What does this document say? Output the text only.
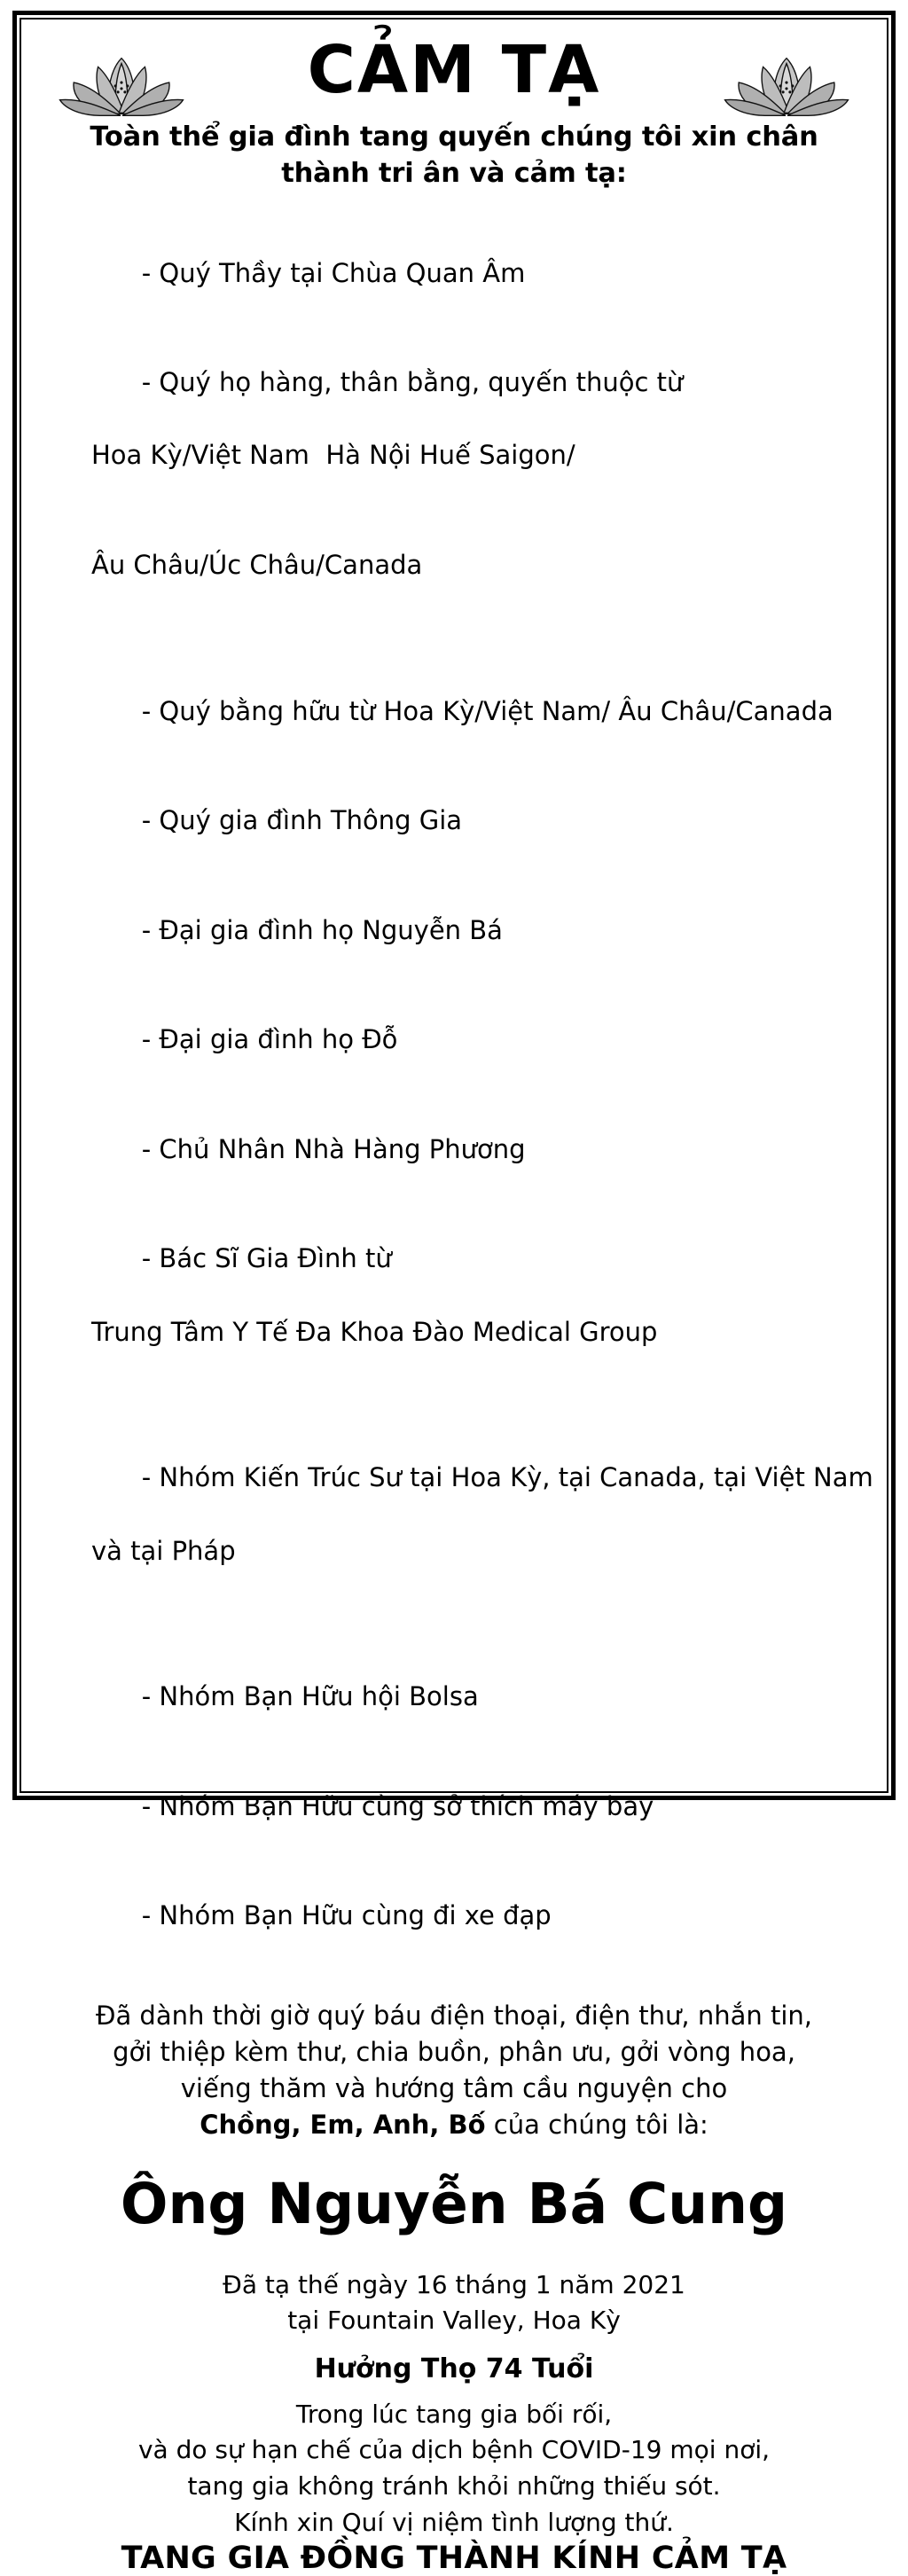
CẢM TẠ
Toàn thể gia đình tang quyến chúng tôi xin chân
thành tri ân và cảm tạ:

- Quý Thầy tại Chùa Quan Âm

- Quý họ hàng, thân bằng, quyến thuộc từ

Hoa Kỳ/Việt Nam  Hà Nội Huế Saigon/

Âu Châu/Úc Châu/Canada

- Quý bằng hữu từ Hoa Kỳ/Việt Nam/ Âu Châu/Canada

- Quý gia đình Thông Gia

- Đại gia đình họ Nguyễn Bá

- Đại gia đình họ Đỗ

- Chủ Nhân Nhà Hàng Phương

- Bác Sĩ Gia Đình từ

Trung Tâm Y Tế Đa Khoa Đào Medical Group

- Nhóm Kiến Trúc Sư tại Hoa Kỳ, tại Canada, tại Việt Nam

và tại Pháp

- Nhóm Bạn Hữu hội Bolsa

- Nhóm Bạn Hữu cùng sở thích máy bay

- Nhóm Bạn Hữu cùng đi xe đạp

Đã dành thời giờ quý báu điện thoại, điện thư, nhắn tin,
gởi thiệp kèm thư, chia buồn, phân ưu, gởi vòng hoa,
viếng thăm và hướng tâm cầu nguyện cho
Chồng, Em, Anh, Bố của chúng tôi là:
Ông Nguyễn Bá Cung
Đã tạ thế ngày 16 tháng 1 năm 2021
tại Fountain Valley, Hoa Kỳ
Hưởng Thọ 74 Tuổi
Trong lúc tang gia bối rối,
và do sự hạn chế của dịch bệnh COVID-19 mọi nơi,
tang gia không tránh khỏi những thiếu sót.
Kính xin Quí vị niệm tình lượng thứ.
TANG GIA ĐỒNG THÀNH KÍNH CẢM TẠ
